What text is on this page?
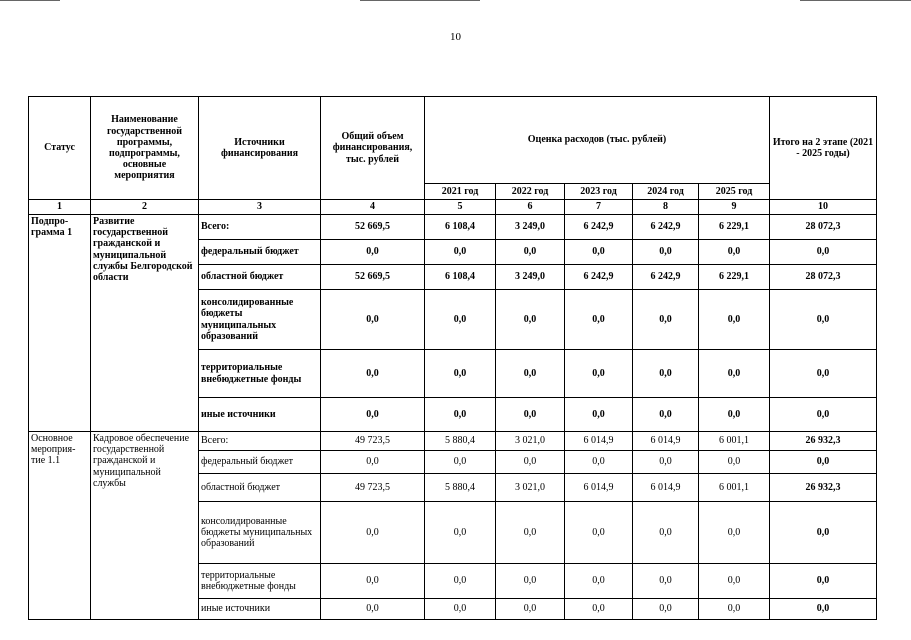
10
Статус	Наименование государственной программы, подпрограммы, основные мероприятия	Источники финансирования	Общий объем финансирования, тыс. рублей	Оценка расходов (тыс. рублей)					Итого на 2 этапе (2021 - 2025 годы)
				2021 год	2022 год	2023 год	2024 год	2025 год	
1	2	3	4	5	6	7	8	9	10
Подпро-грамма 1	Развитие государственной гражданской и муниципальной службы Белгородской области	Всего:	52 669,5	6 108,4	3 249,0	6 242,9	6 242,9	6 229,1	28 072,3
		федеральный бюджет	0,0	0,0	0,0	0,0	0,0	0,0	0,0
		областной бюджет	52 669,5	6 108,4	3 249,0	6 242,9	6 242,9	6 229,1	28 072,3
		консолидированные бюджеты муниципальных образований	0,0	0,0	0,0	0,0	0,0	0,0	0,0
		территориальные внебюджетные фонды	0,0	0,0	0,0	0,0	0,0	0,0	0,0
		иные источники	0,0	0,0	0,0	0,0	0,0	0,0	0,0
Основное мероприя-тие 1.1	Кадровое обеспечение государственной гражданской и муниципальной службы	Всего:	49 723,5	5 880,4	3 021,0	6 014,9	6 014,9	6 001,1	26 932,3
		федеральный бюджет	0,0	0,0	0,0	0,0	0,0	0,0	0,0
		областной бюджет	49 723,5	5 880,4	3 021,0	6 014,9	6 014,9	6 001,1	26 932,3
		консолидированные бюджеты муниципальных образований	0,0	0,0	0,0	0,0	0,0	0,0	0,0
		территориальные внебюджетные фонды	0,0	0,0	0,0	0,0	0,0	0,0	0,0
		иные источники	0,0	0,0	0,0	0,0	0,0	0,0	0,0
